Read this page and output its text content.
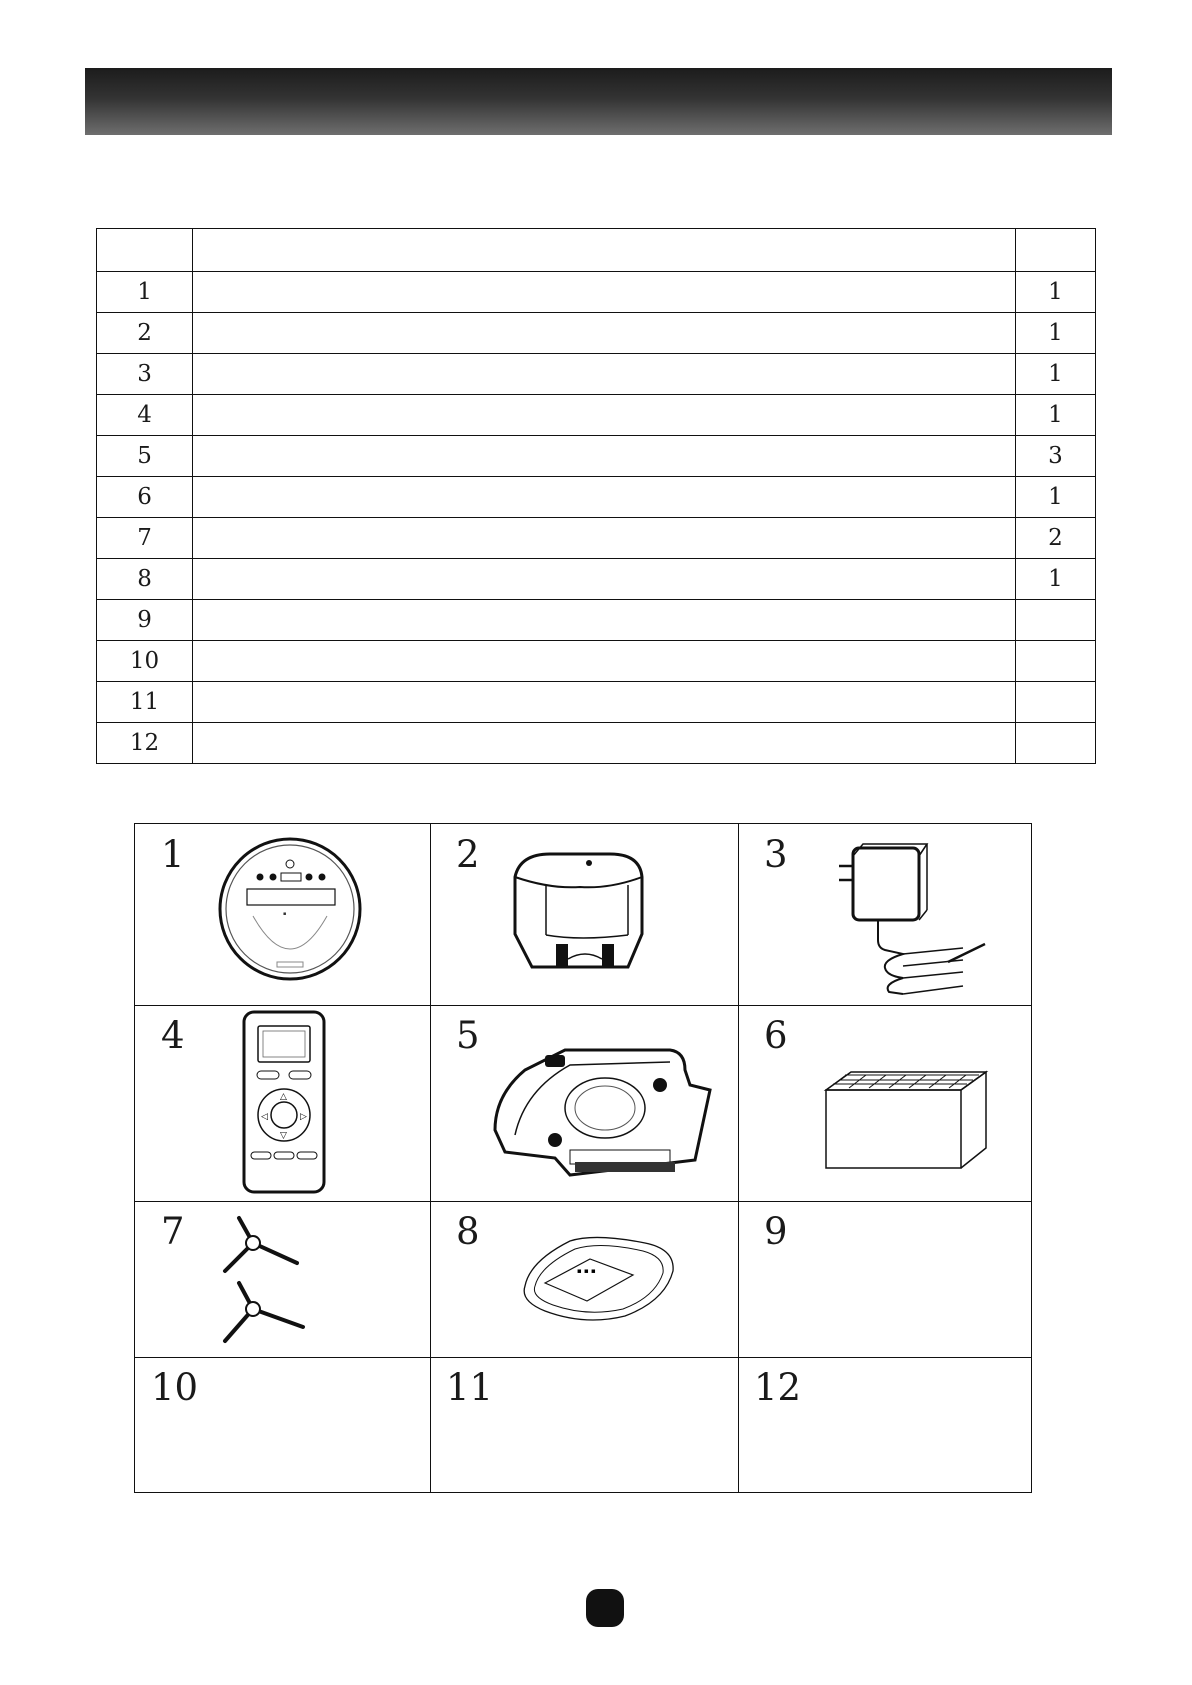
1		1
2		1
3		1
4		1
5		3
6		1
7		2
8		1
9		
10		
11		
12		
1
▪
2	3
4
△
▽
◁	▷
5	6
7	8
▪ ▪ ▪
9
10	11	12
